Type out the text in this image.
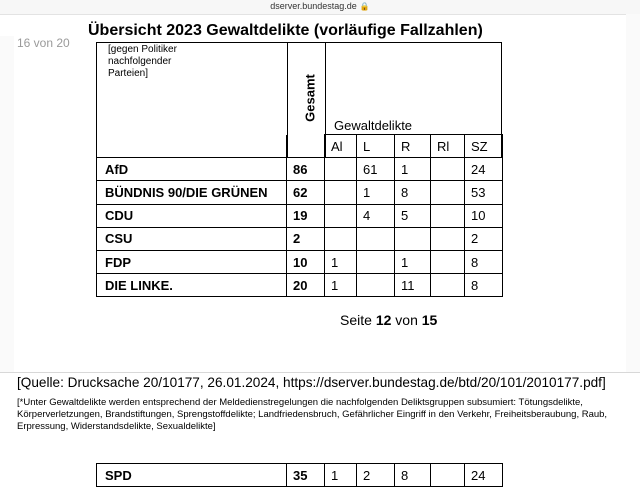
dserver.bundestag.de 🔒
16 von 20
Übersicht 2023 Gewaltdelikte (vorläufige Fallzahlen)
[gegen Politiker nachfolgender Parteien]
Gesamt
Gewaltdelikte
		Al	L	R	Rl	SZ
AfD	86		61	1		24
BÜNDNIS 90/DIE GRÜNEN	62		1	8		53
CDU	19		4	5		10
CSU	2					2
FDP	10	1		1		8
DIE LINKE.	20	1		11		8
Seite 12 von 15
[Quelle: Drucksache 20/10177, 26.01.2024, https://dserver.bundestag.de/btd/20/101/2010177.pdf]
[*Unter Gewaltdelikte werden entsprechend der Meldedienstregelungen die nachfolgenden Deliktsgruppen subsumiert: Tötungsdelikte, Körperverletzungen, Brandstiftungen, Sprengstoffdelikte; Landfriedensbruch, Gefährlicher Eingriff in den Verkehr, Freiheitsberaubung, Raub, Erpressung, Widerstandsdelikte, Sexualdelikte]
SPD	35	1	2	8		24
